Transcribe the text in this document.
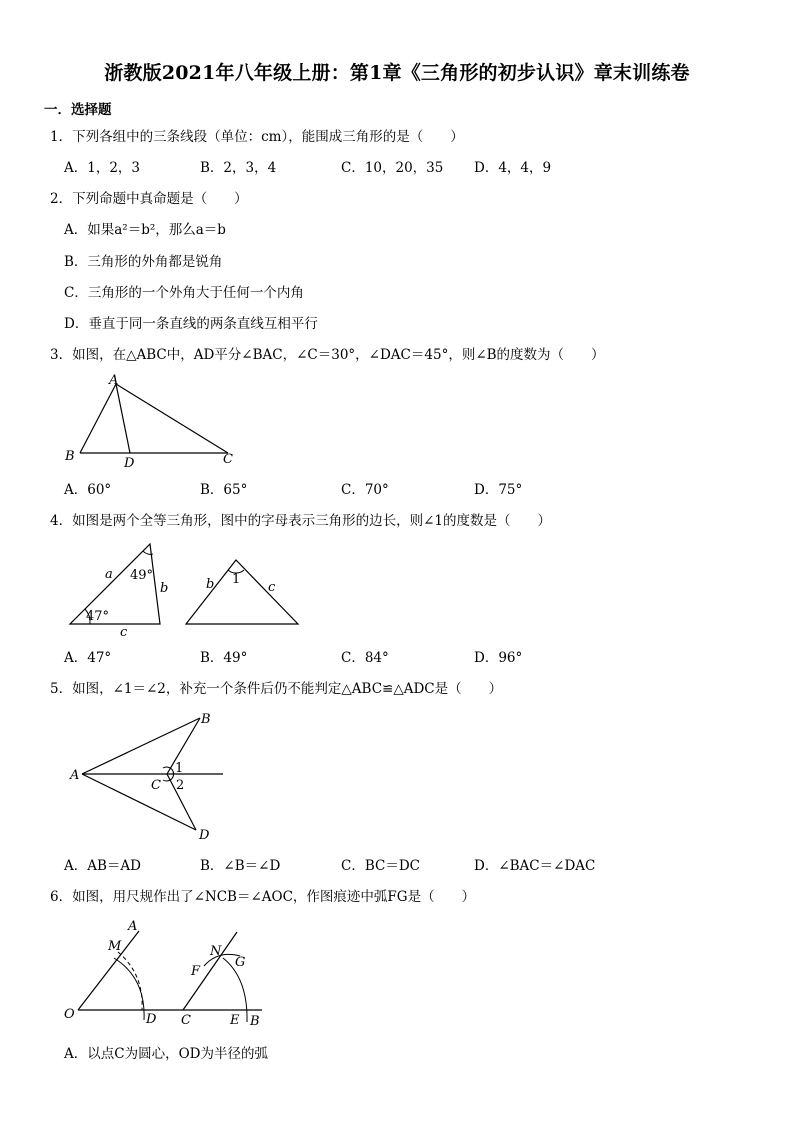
浙教版2021年八年级上册：第1章《三角形的初步认识》章末训练卷
一．选择题
1．下列各组中的三条线段（单位：cm），能围成三角形的是（　　）
A．1，2，3	B．2，3，4	C．10，20，35 D．4，4，9
2．下列命题中真命题是（　　）
A．如果a²＝b²，那么a＝b
B．三角形的外角都是锐角
C．三角形的一个外角大于任何一个内角
D．垂直于同一条直线的两条直线互相平行
3．如图，在△ABC中，AD平分∠BAC，∠C＝30°，∠DAC＝45°，则∠B的度数为（　　）
A
B	D	C
A．60°	B．65°	C．70°	D．75°
4．如图是两个全等三角形，图中的字母表示三角形的边长，则∠1的度数是（　　）
a 49°
b
47°
c
b 1
c
A．47°	B．49°	C．84°	D．96°
5．如图，∠1＝∠2，补充一个条件后仍不能判定△ABC≌△ADC是（　　）
A
B
C
1
2
D
A．AB＝AD	B．∠B＝∠D	C．BC＝DC	D．∠BAC＝∠DAC
6．如图，用尺规作出了∠NCB＝∠AOC，作图痕迹中弧FG是（　　）
A
M
O	D
N
G
F
C	E B
A．以点C为圆心，OD为半径的弧
